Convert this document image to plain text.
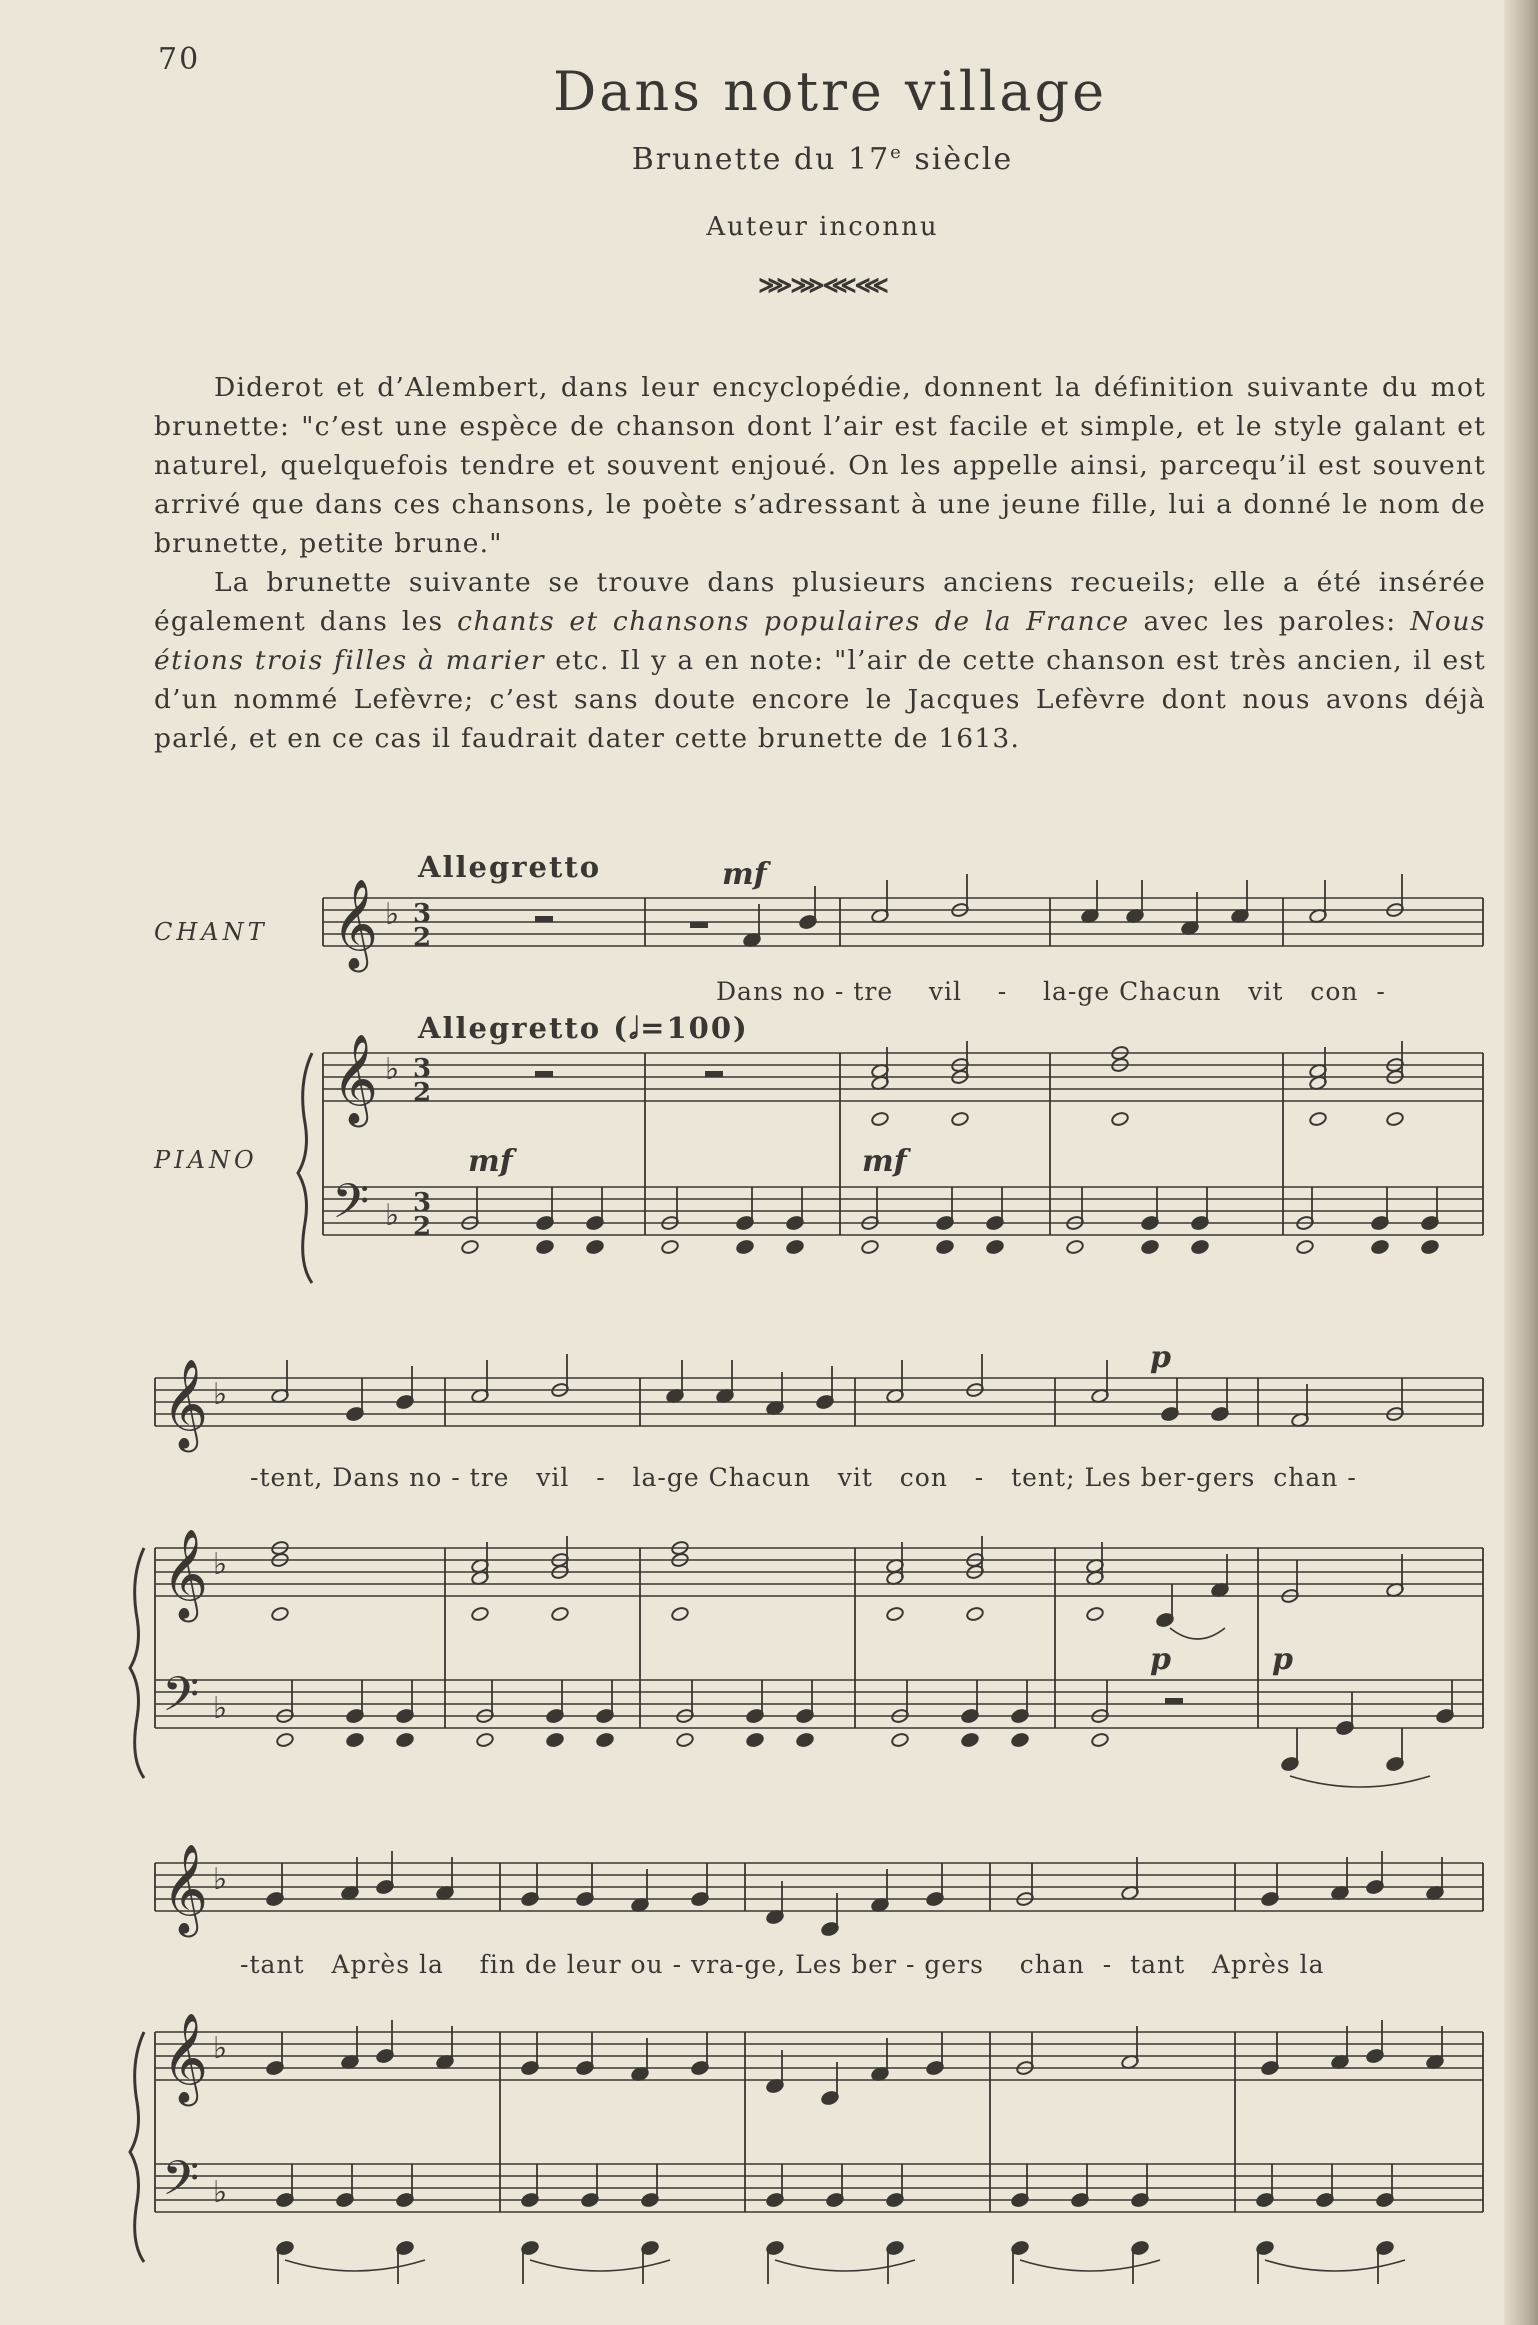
70
Dans notre village
Brunette du 17e siècle
Auteur inconnu
⋙⋙⋘⋘

Diderot et d’Alembert, dans leur encyclopédie, donnent la définition suivante du mot brunette: "c’est une espèce de chanson dont l’air est facile et simple, et le style galant et naturel, quelquefois tendre et souvent enjoué. On les appelle ainsi, parcequ’il est souvent arrivé que dans ces chansons, le poète s’adressant à une jeune fille, lui a donné le nom de brunette, petite brune."

La brunette suivante se trouve dans plusieurs anciens recueils; elle a été insérée également dans les chants et chansons populaires de la France avec les paroles: Nous étions trois filles à marier etc. Il y a en note: "l’air de cette chanson est très ancien, il est d’un nommé Lefèvre; c’est sans doute encore le Jacques Lefèvre dont nous avons déjà parlé, et en ce cas il faudrait dater cette brunette de 1613.

Allegretto	mf
CHANT
Dans no - tre    vil    -    la-ge Chacun   vit   con  -
Allegretto (𝅗𝅥=100)
PIANO	mf	mf
p
-tent, Dans no - tre   vil   -   la-ge Chacun   vit   con   -   tent; Les ber-gers  chan -
p	p
-tant   Après la    fin de leur ou - vra-ge, Les ber - gers    chan  -  tant   Après la
𝄞
𝄞
𝄢
♭
♭
♭
3
2
3
2
3
2
𝄞
𝄞
𝄢
♭
♭
♭
𝄞
𝄞
𝄢
♭
♭
♭
